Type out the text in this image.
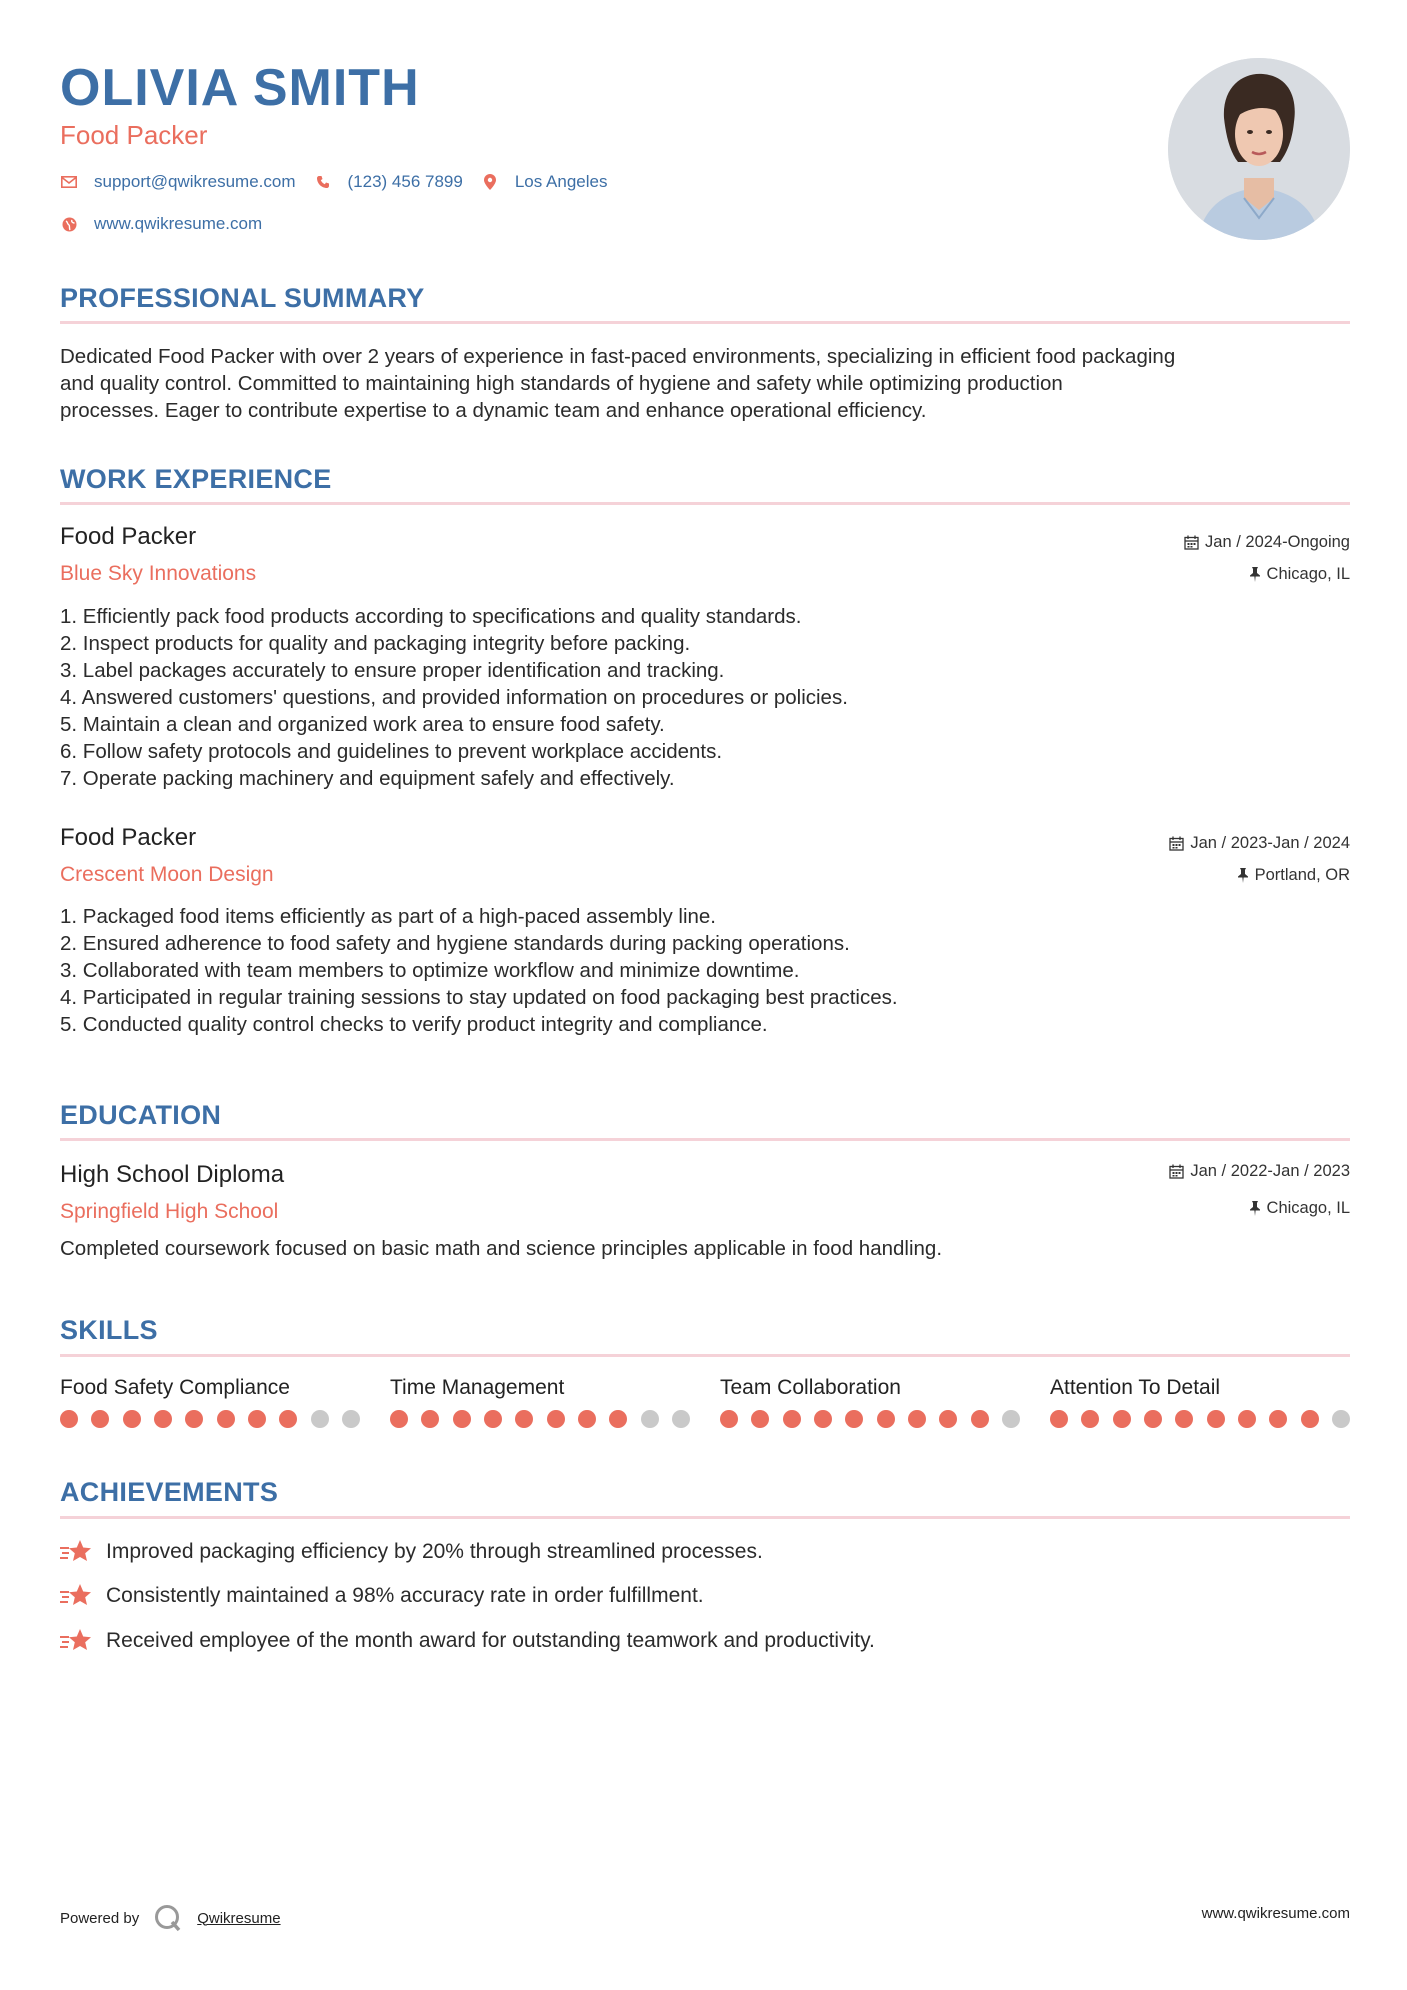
OLIVIA SMITH
Food Packer
support@qwikresume.com	(123) 456 7899	Los Angeles
www.qwikresume.com
PROFESSIONAL SUMMARY
Dedicated Food Packer with over 2 years of experience in fast-paced environments, specializing in efficient food packaging
and quality control. Committed to maintaining high standards of hygiene and safety while optimizing production
processes. Eager to contribute expertise to a dynamic team and enhance operational efficiency.
WORK EXPERIENCE
Food Packer
Blue Sky Innovations
Jan / 2024-Ongoing
Chicago, IL
1. Efficiently pack food products according to specifications and quality standards.
2. Inspect products for quality and packaging integrity before packing.
3. Label packages accurately to ensure proper identification and tracking.
4. Answered customers' questions, and provided information on procedures or policies.
5. Maintain a clean and organized work area to ensure food safety.
6. Follow safety protocols and guidelines to prevent workplace accidents.
7. Operate packing machinery and equipment safely and effectively.
Food Packer
Crescent Moon Design
Jan / 2023-Jan / 2024
Portland, OR
1. Packaged food items efficiently as part of a high-paced assembly line.
2. Ensured adherence to food safety and hygiene standards during packing operations.
3. Collaborated with team members to optimize workflow and minimize downtime.
4. Participated in regular training sessions to stay updated on food packaging best practices.
5. Conducted quality control checks to verify product integrity and compliance.
EDUCATION
High School Diploma
Springfield High School
Jan / 2022-Jan / 2023
Chicago, IL
Completed coursework focused on basic math and science principles applicable in food handling.
SKILLS
Food Safety Compliance	Time Management	Team Collaboration	Attention To Detail
ACHIEVEMENTS
Improved packaging efficiency by 20% through streamlined processes.
Consistently maintained a 98% accuracy rate in order fulfillment.
Received employee of the month award for outstanding teamwork and productivity.
Powered by	Qwikresume	www.qwikresume.com
